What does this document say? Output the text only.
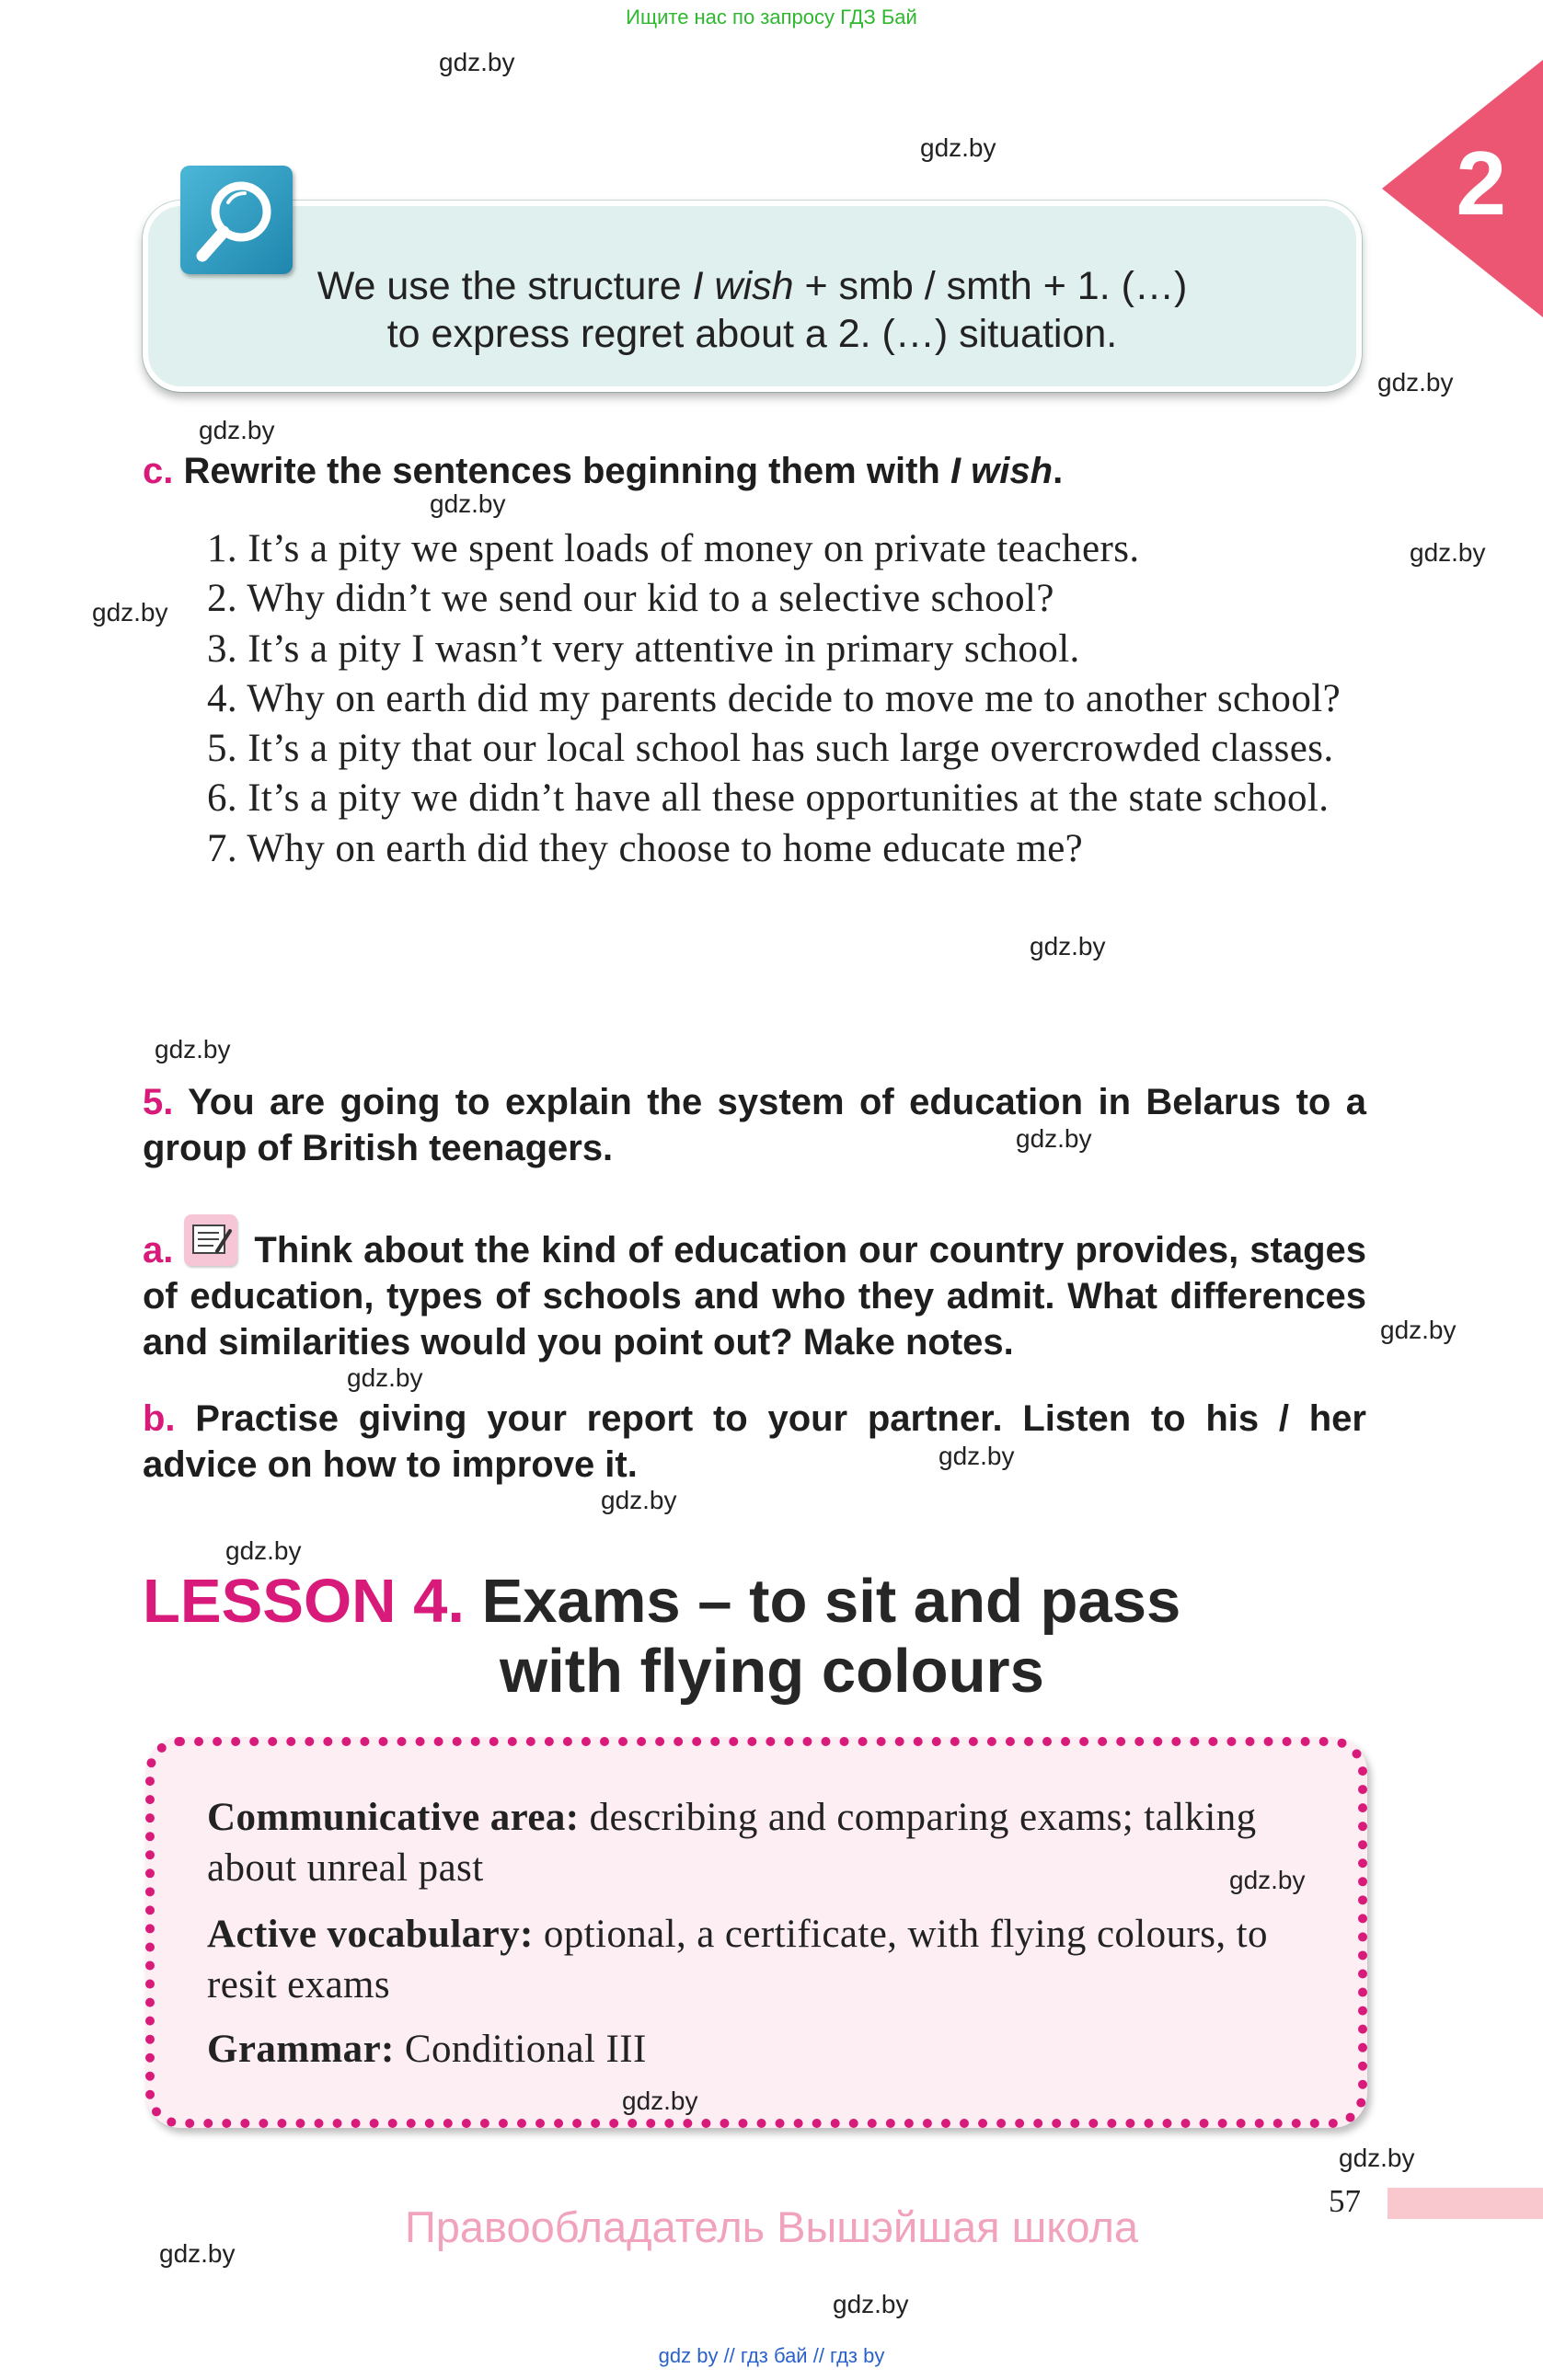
Ищите нас по запросу ГДЗ Бай
2
We use the structure I wish + smb / smth + 1. (…)
to express regret about a 2. (…) situation.
c. Rewrite the sentences beginning them with I wish.

1. It’s a pity we spent loads of money on private teachers.

2. Why didn’t we send our kid to a selective school?

3. It’s a pity I wasn’t very attentive in primary school.

4. Why on earth did my parents decide to move me to another school?

5. It’s a pity that our local school has such large overcrowded classes.

6. It’s a pity we didn’t have all these opportunities at the state school.

7. Why on earth did they choose to home educate me?

5. You are going to explain the system of education in Belarus to a group of British teenagers.
a. Think about the kind of education our country provides, stages of education, types of schools and who they admit. What differences and similarities would you point out? Make notes.
b. Practise giving your report to your partner. Listen to his / her advice on how to improve it.
LESSON 4. Exams – to sit and pass
with flying colours
Communicative area: describing and comparing exams; talking about unreal past
Active vocabulary: optional, a certificate, with flying colours, to resit exams
Grammar: Conditional III
57
Правообладатель Вышэйшая школа
gdz by // гдз бай // гдз by
gdz.by
gdz.by
gdz.by
gdz.by
gdz.by
gdz.by
gdz.by
gdz.by
gdz.by
gdz.by
gdz.by
gdz.by
gdz.by
gdz.by
gdz.by
gdz.by
gdz.by
gdz.by
gdz.by
gdz.by
